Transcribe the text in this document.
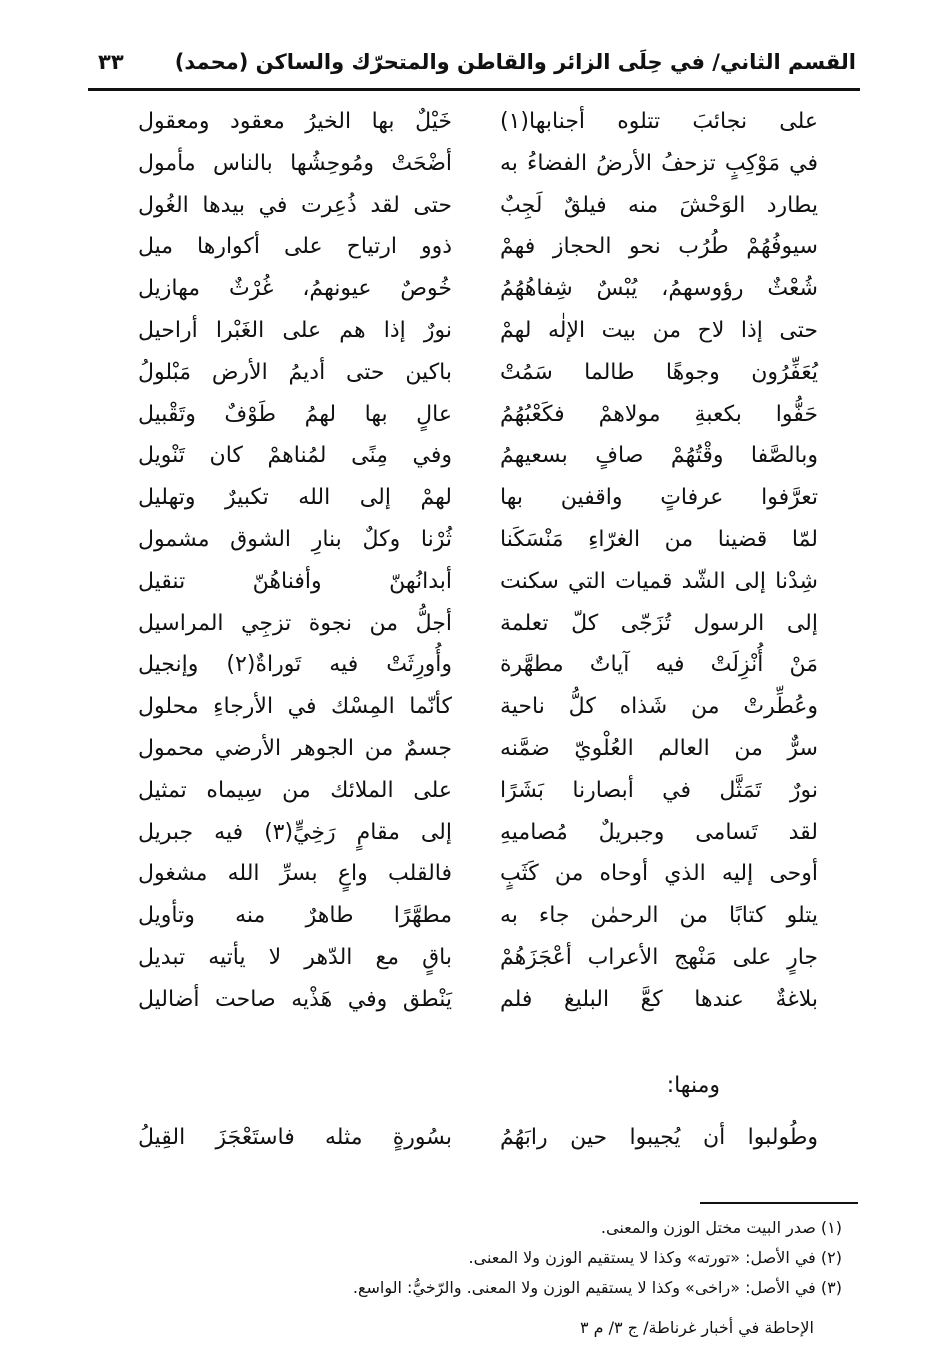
القسم الثاني/ في حِلَى الزائر والقاطن والمتحرّك والساكن (محمد)
٣٣
على نجائبَ تتلوه أجنابها(١)
خَيْلٌ بها الخيرُ معقود ومعقول
في مَوْكِبٍ تزحفُ الأرضُ الفضاءُ به
أضْحَتْ ومُوحِشُها بالناس مأمول
يطارد الوَحْشَ منه فيلقٌ لَجِبٌ
حتى لقد ذُعِرت في بيدها الغُول
سيوفُهُمْ طُرُب نحو الحجاز فهمْ
ذوو ارتياح على أكوارها ميل
شُعْثٌ رؤوسهمُ، يُبْسٌ شِفاهُهُمُ
خُوصٌ عيونهمُ، غُرْثٌ مهازيل
حتى إذا لاح من بيت الإلٰه لهمْ
نورٌ إذا هم على الغَبْرا أراحيل
يُعَفِّرُون وجوهًا طالما سَمُتْ
باكين حتى أديمُ الأرض مَبْلولُ
حَفُّوا بكعبةِ مولاهمْ فكَعْبُهُمُ
عالٍ بها لهمُ طَوْفٌ وتَقْبيل
وبالصَّفا وقْتُهُمْ صافٍ بسعيهمُ
وفي مِنًى لمُناهمْ كان تَنْويل
تعرَّفوا عرفاتٍ واقفين بها
لهمْ إلى الله تكبيرٌ وتهليل
لمّا قضينا من الغرّاءِ مَنْسَكَنا
ثُرْنا وكلٌ بنارِ الشوق مشمول
شِدْنا إلى الشّد قميات التي سكنت
أبدانُهنّ وأفناهُنّ تنقيل
إلى الرسول تُزَجّى كلّ تعلمة
أجلُّ من نجوة تزجِي المراسيل
مَنْ أُنْزِلَتْ فيه آياتٌ مطهَّرة
وأُورِثَتْ فيه تَوراةٌ(٢) وإنجيل
وعُطِّرتْ من شَذاه كلُّ ناحية
كأنّما المِسْك في الأرجاءِ محلول
سرٌّ من العالم العُلْويّ ضمَّنه
جسمٌ من الجوهر الأرضي محمول
نورٌ تَمَثَّل في أبصارنا بَشَرًا
على الملائك من سِيماه تمثيل
لقد تَسامى وجبريلٌ مُصاميهِ
إلى مقامٍ رَخِيٍّ(٣) فيه جبريل
أوحى إليه الذي أوحاه من كَثَبٍ
فالقلب واعٍ بسرِّ الله مشغول
يتلو كتابًا من الرحمٰن جاء به
مطهَّرًا طاهرٌ منه وتأويل
جارٍ على مَنْهج الأعراب أعْجَزَهُمْ
باقٍ مع الدّهر لا يأتيه تبديل
بلاغةٌ عندها كعَّ البليغ فلم
يَنْطق وفي هَذْيه صاحت أضاليل
ومنها:
وطُولبوا أن يُجيبوا حين رابَهُمُ
بسُورةٍ مثله فاستَعْجَزَ القِيلُ
(١) صدر البيت مختل الوزن والمعنى.
(٢) في الأصل: «تورته» وكذا لا يستقيم الوزن ولا المعنى.
(٣) في الأصل: «راخى» وكذا لا يستقيم الوزن ولا المعنى. والرّخيُّ: الواسع.
الإحاطة في أخبار غرناطة/ ج ٣/ م ٣
